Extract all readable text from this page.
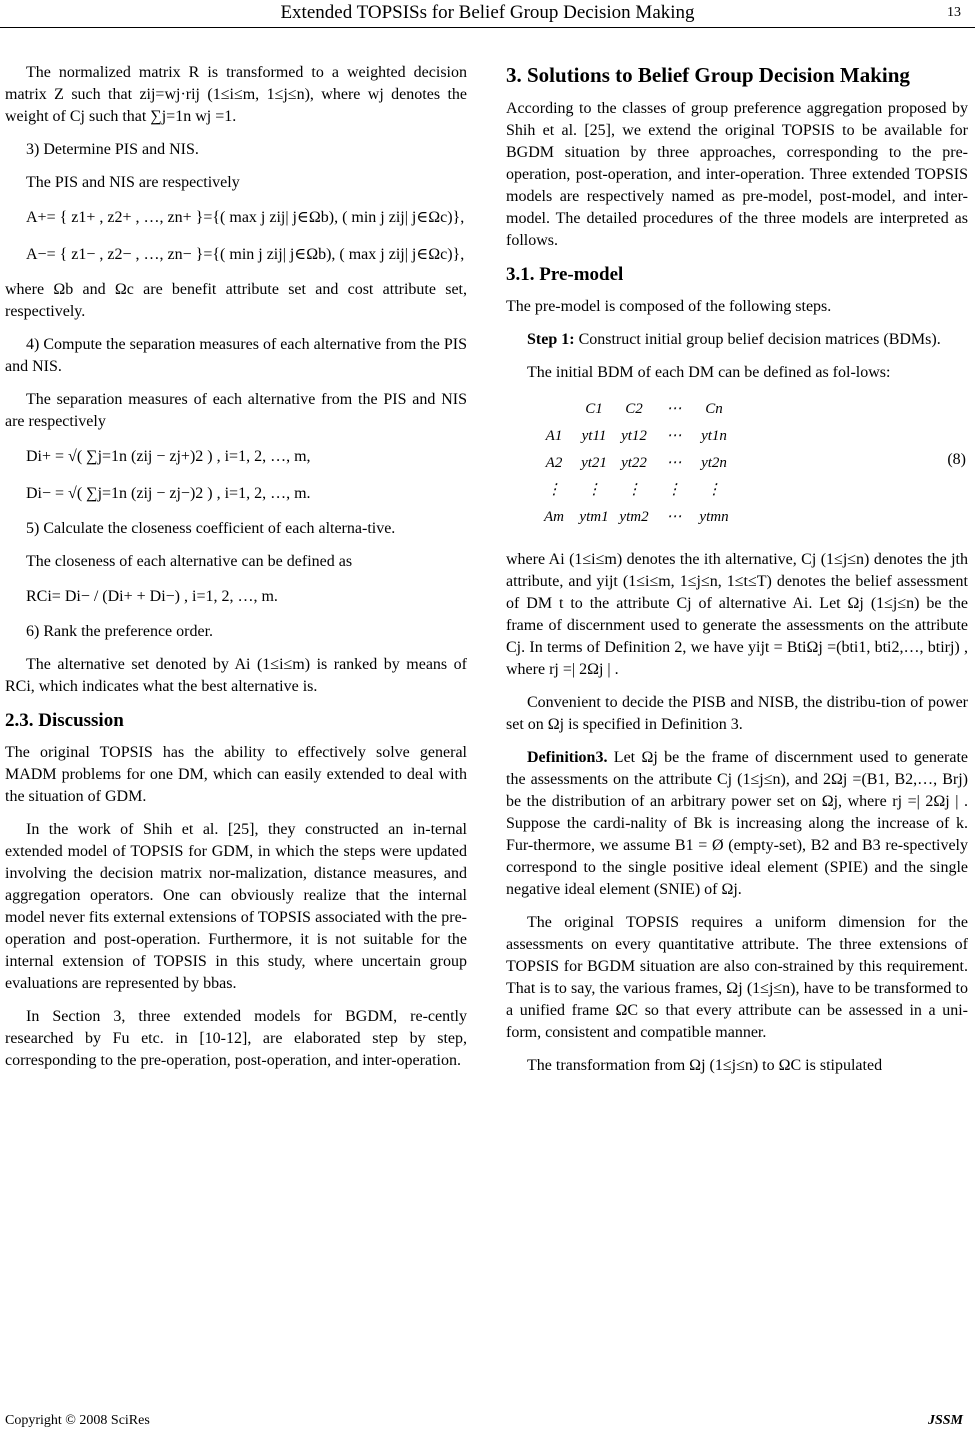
Extended TOPSISs for Belief Group Decision Making	13

The normalized matrix R is transformed to a weighted decision matrix Z such that zij=wj·rij (1≤i≤m, 1≤j≤n), where wj denotes the weight of Cj such that ∑j=1n wj =1.

3) Determine PIS and NIS.

The PIS and NIS are respectively

A+= { z1+ , z2+ , …, zn+ }={( max j zij| j∈Ωb), ( min j zij| j∈Ωc)},

A−= { z1− , z2− , …, zn− }={( min j zij| j∈Ωb), ( max j zij| j∈Ωc)},

where Ωb and Ωc are benefit attribute set and cost attribute set, respectively.

4) Compute the separation measures of each alternative from the PIS and NIS.

The separation measures of each alternative from the PIS and NIS are respectively

Di+ = √( ∑j=1n (zij − zj+)2 ) , i=1, 2, …, m,

Di− = √( ∑j=1n (zij − zj−)2 ) , i=1, 2, …, m.

5) Calculate the closeness coefficient of each alterna-tive.

The closeness of each alternative can be defined as

RCi= Di− / (Di+ + Di−) , i=1, 2, …, m.

6) Rank the preference order.

The alternative set denoted by Ai (1≤i≤m) is ranked by means of RCi, which indicates what the best alternative is.

2.3. Discussion

The original TOPSIS has the ability to effectively solve general MADM problems for one DM, which can easily extended to deal with the situation of GDM.

In the work of Shih et al. [25], they constructed an in-ternal extended model of TOPSIS for GDM, in which the steps were updated involving the decision matrix nor-malization, distance measures, and aggregation operators. One can obviously realize that the internal model never fits external extensions of TOPSIS associated with the pre-operation and post-operation. Furthermore, it is not suitable for the internal extension of TOPSIS in this study, where uncertain group evaluations are represented by bbas.

In Section 3, three extended models for BGDM, re-cently researched by Fu etc. in [10-12], are elaborated step by step, corresponding to the pre-operation, post-operation, and inter-operation.

3. Solutions to Belief Group Decision Making

According to the classes of group preference aggregation proposed by Shih et al. [25], we extend the original TOPSIS to be available for BGDM situation by three approaches, corresponding to the pre-operation, post-operation, and inter-operation. Three extended TOPSIS models are respectively named as pre-model, post-model, and inter-model. The detailed procedures of the three models are interpreted as follows.

3.1. Pre-model

The pre-model is composed of the following steps.

Step 1: Construct initial group belief decision matrices (BDMs).

The initial BDM of each DM can be defined as fol-lows:

	C1	C2	⋯	Cn
A1	yt11	yt12	⋯	yt1n
A2	yt21	yt22	⋯	yt2n
⋮	⋮	⋮	⋮	⋮
Am	ytm1	ytm2	⋯	ytmn
(8)

where Ai (1≤i≤m) denotes the ith alternative, Cj (1≤j≤n) denotes the jth attribute, and yijt (1≤i≤m, 1≤j≤n, 1≤t≤T) denotes the belief assessment of DM t to the attribute Cj of alternative Ai. Let Ωj (1≤j≤n) be the frame of discernment used to generate the assessments on the attribute Cj. In terms of Definition 2, we have yijt = BtiΩj =(bti1, bti2,…, btirj) , where rj =| 2Ωj | .

Convenient to decide the PISB and NISB, the distribu-tion of power set on Ωj is specified in Definition 3.

Definition3. Let Ωj be the frame of discernment used to generate the assessments on the attribute Cj (1≤j≤n), and 2Ωj =(B1, B2,…, Brj) be the distribution of an arbitrary power set on Ωj, where rj =| 2Ωj | . Suppose the cardi-nality of Bk is increasing along the increase of k. Fur-thermore, we assume B1 = Ø (empty-set), B2 and B3 re-spectively correspond to the single positive ideal element (SPIE) and the single negative ideal element (SNIE) of Ωj.

The original TOPSIS requires a uniform dimension for the assessments on every quantitative attribute. The three extensions of TOPSIS for BGDM situation are also con-strained by this requirement. That is to say, the various frames, Ωj (1≤j≤n), have to be transformed to a unified frame ΩC so that every attribute can be assessed in a uni-form, consistent and compatible manner.

The transformation from Ωj (1≤j≤n) to ΩC is stipulated

Copyright © 2008 SciRes	JSSM
